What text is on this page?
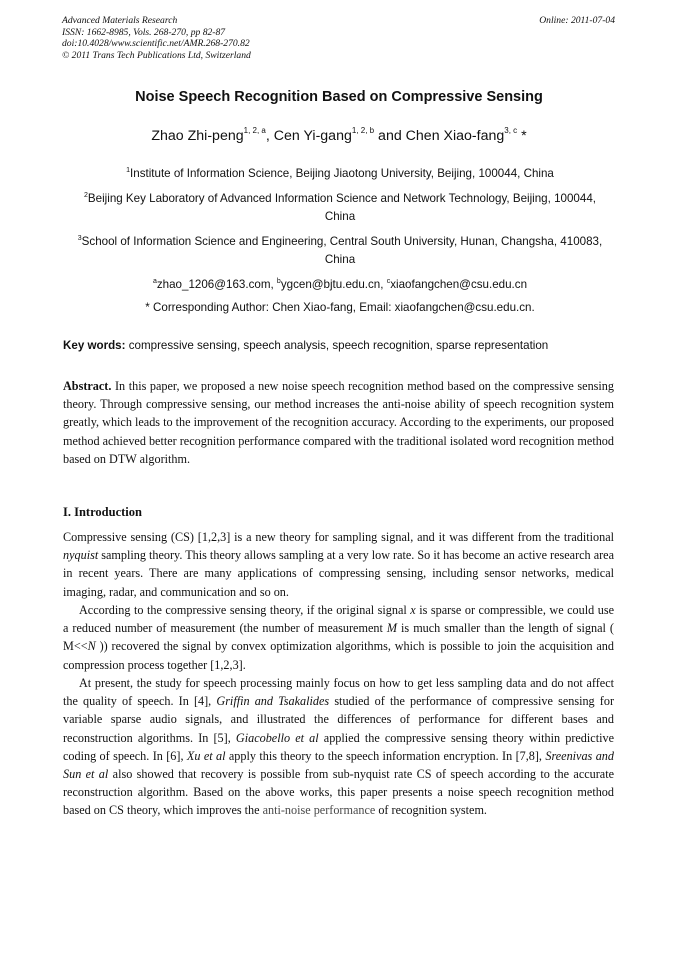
Advanced Materials Research
ISSN: 1662-8985, Vols. 268-270, pp 82-87
doi:10.4028/www.scientific.net/AMR.268-270.82
© 2011 Trans Tech Publications Ltd, Switzerland
Online: 2011-07-04
Noise Speech Recognition Based on Compressive Sensing
Zhao Zhi-peng$^{1, 2, a}$, Cen Yi-gang$^{1, 2, b}$ and Chen Xiao-fang$^{3, c}$ *
$^1$Institute of Information Science, Beijing Jiaotong University, Beijing, 100044, China
$^2$Beijing Key Laboratory of Advanced Information Science and Network Technology, Beijing, 100044, China
$^3$School of Information Science and Engineering, Central South University, Hunan, Changsha, 410083, China
$^a$zhao_1206@163.com, $^b$ygcen@bjtu.edu.cn, $^c$xiaofangchen@csu.edu.cn
* Corresponding Author: Chen Xiao-fang, Email: xiaofangchen@csu.edu.cn.
Key words: compressive sensing, speech analysis, speech recognition, sparse representation
Abstract. In this paper, we proposed a new noise speech recognition method based on the compressive sensing theory. Through compressive sensing, our method increases the anti-noise ability of speech recognition system greatly, which leads to the improvement of the recognition accuracy. According to the experiments, our proposed method achieved better recognition performance compared with the traditional isolated word recognition method based on DTW algorithm.
I. Introduction
Compressive sensing (CS) [1,2,3] is a new theory for sampling signal, and it was different from the traditional nyquist sampling theory. This theory allows sampling at a very low rate. So it has become an active research area in recent years. There are many applications of compressing sensing, including sensor networks, medical imaging, radar, and communication and so on.
According to the compressive sensing theory, if the original signal x is sparse or compressible, we could use a reduced number of measurement (the number of measurement M is much smaller than the length of signal ( M<<N )) recovered the signal by convex optimization algorithms, which is possible to join the acquisition and compression process together [1,2,3].
At present, the study for speech processing mainly focus on how to get less sampling data and do not affect the quality of speech. In [4], Griffin and Tsakalides studied of the performance of compressive sensing for variable sparse audio signals, and illustrated the differences of performance for different bases and reconstruction algorithms. In [5], Giacobello et al applied the compressive sensing theory within predictive coding of speech. In [6], Xu et al apply this theory to the speech information encryption. In [7,8], Sreenivas and Sun et al also showed that recovery is possible from sub-nyquist rate CS of speech according to the accurate reconstruction algorithm. Based on the above works, this paper presents a noise speech recognition method based on CS theory, which improves the anti-noise performance of recognition system.
